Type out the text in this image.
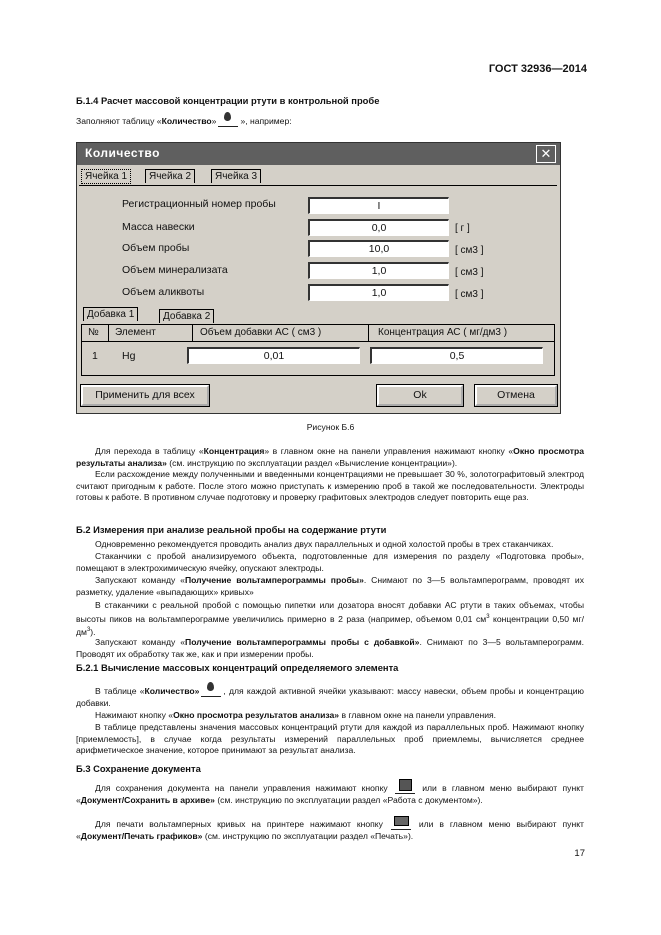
ГОСТ 32936—2014
Б.1.4 Расчет массовой концентрации ртути в контрольной пробе
Заполняют таблицу «Количество»	», например:
Количество	✕
Ячейка 1	Ячейка 2	Ячейка 3
Регистрационный номер пробы	I
Масса навески	0,0	[ г ]
Объем пробы	10,0	[ см3 ]
Объем минерализата	1,0	[ см3 ]
Объем аликвоты	1,0	[ см3 ]
Добавка 1	Добавка 2
№ Элемент	Объем добавки АС ( см3 )	Концентрация АС ( мг/дм3 )
1 Hg	0,01	0,5
Применить для всех	Ok	Отмена
Рисунок Б.6
Для перехода в таблицу «Концентрация» в главном окне на панели управления нажимают кнопку «Окно просмотра результаты анализа» (см. инструкцию по эксплуатации раздел «Вычисление концентрации»).
Если расхождение между полученными и введенными концентрациями не превышает 30 %, золотографитовый электрод считают пригодным к работе. После этого можно приступать к измерению проб в такой же последовательности. Электроды готовы к работе. В противном случае подготовку и проверку графитовых электродов следует повторить еще раз.
Б.2 Измерения при анализе реальной пробы на содержание ртути
Одновременно рекомендуется проводить анализ двух параллельных и одной холостой пробы в трех стаканчиках.
Стаканчики с пробой анализируемого объекта, подготовленные для измерения по разделу «Подготовка пробы», помещают в электрохимическую ячейку, опускают электроды.
Запускают команду «Получение вольтамперограммы пробы». Снимают по 3—5 вольтамперограмм, проводят их разметку, удаление «выпадающих» кривых»
В стаканчики с реальной пробой с помощью пипетки или дозатора вносят добавки АС ртути в таких объемах, чтобы высоты пиков на вольтамперограмме увеличились примерно в 2 раза (например, объемом 0,01 $см^3$ концентрации 0,50 $мг/дм^3$).
Запускают команду «Получение вольтамперограммы пробы с добавкой». Снимают по 3—5 вольтамперограмм. Проводят их обработку так же, как и при измерении пробы.
Б.2.1 Вычисление массовых концентраций определяемого элемента
В таблице «Количество»	, для каждой активной ячейки указывают: массу навески, объем пробы и концентрацию добавки.
Нажимают кнопку «Окно просмотра результатов анализа» в главном окне на панели управления.
В таблице представлены значения массовых концентраций ртути для каждой из параллельных проб. Нажимают кнопку [приемлемость], в случае когда результаты измерений параллельных проб приемлемы, вычисляется среднее арифметическое значение, которое принимают за результат анализа.
Б.3 Сохранение документа
Для сохранения документа на панели управления нажимают кнопку	или в главном меню выбирают пункт «Документ/Сохранить в архиве» (см. инструкцию по эксплуатации раздел «Работа с документом»).
Для печати вольтамперных кривых на принтере нажимают кнопку	или в главном меню выбирают пункт «Документ/Печать графиков» (см. инструкцию по эксплуатации раздел «Печать»).
17
